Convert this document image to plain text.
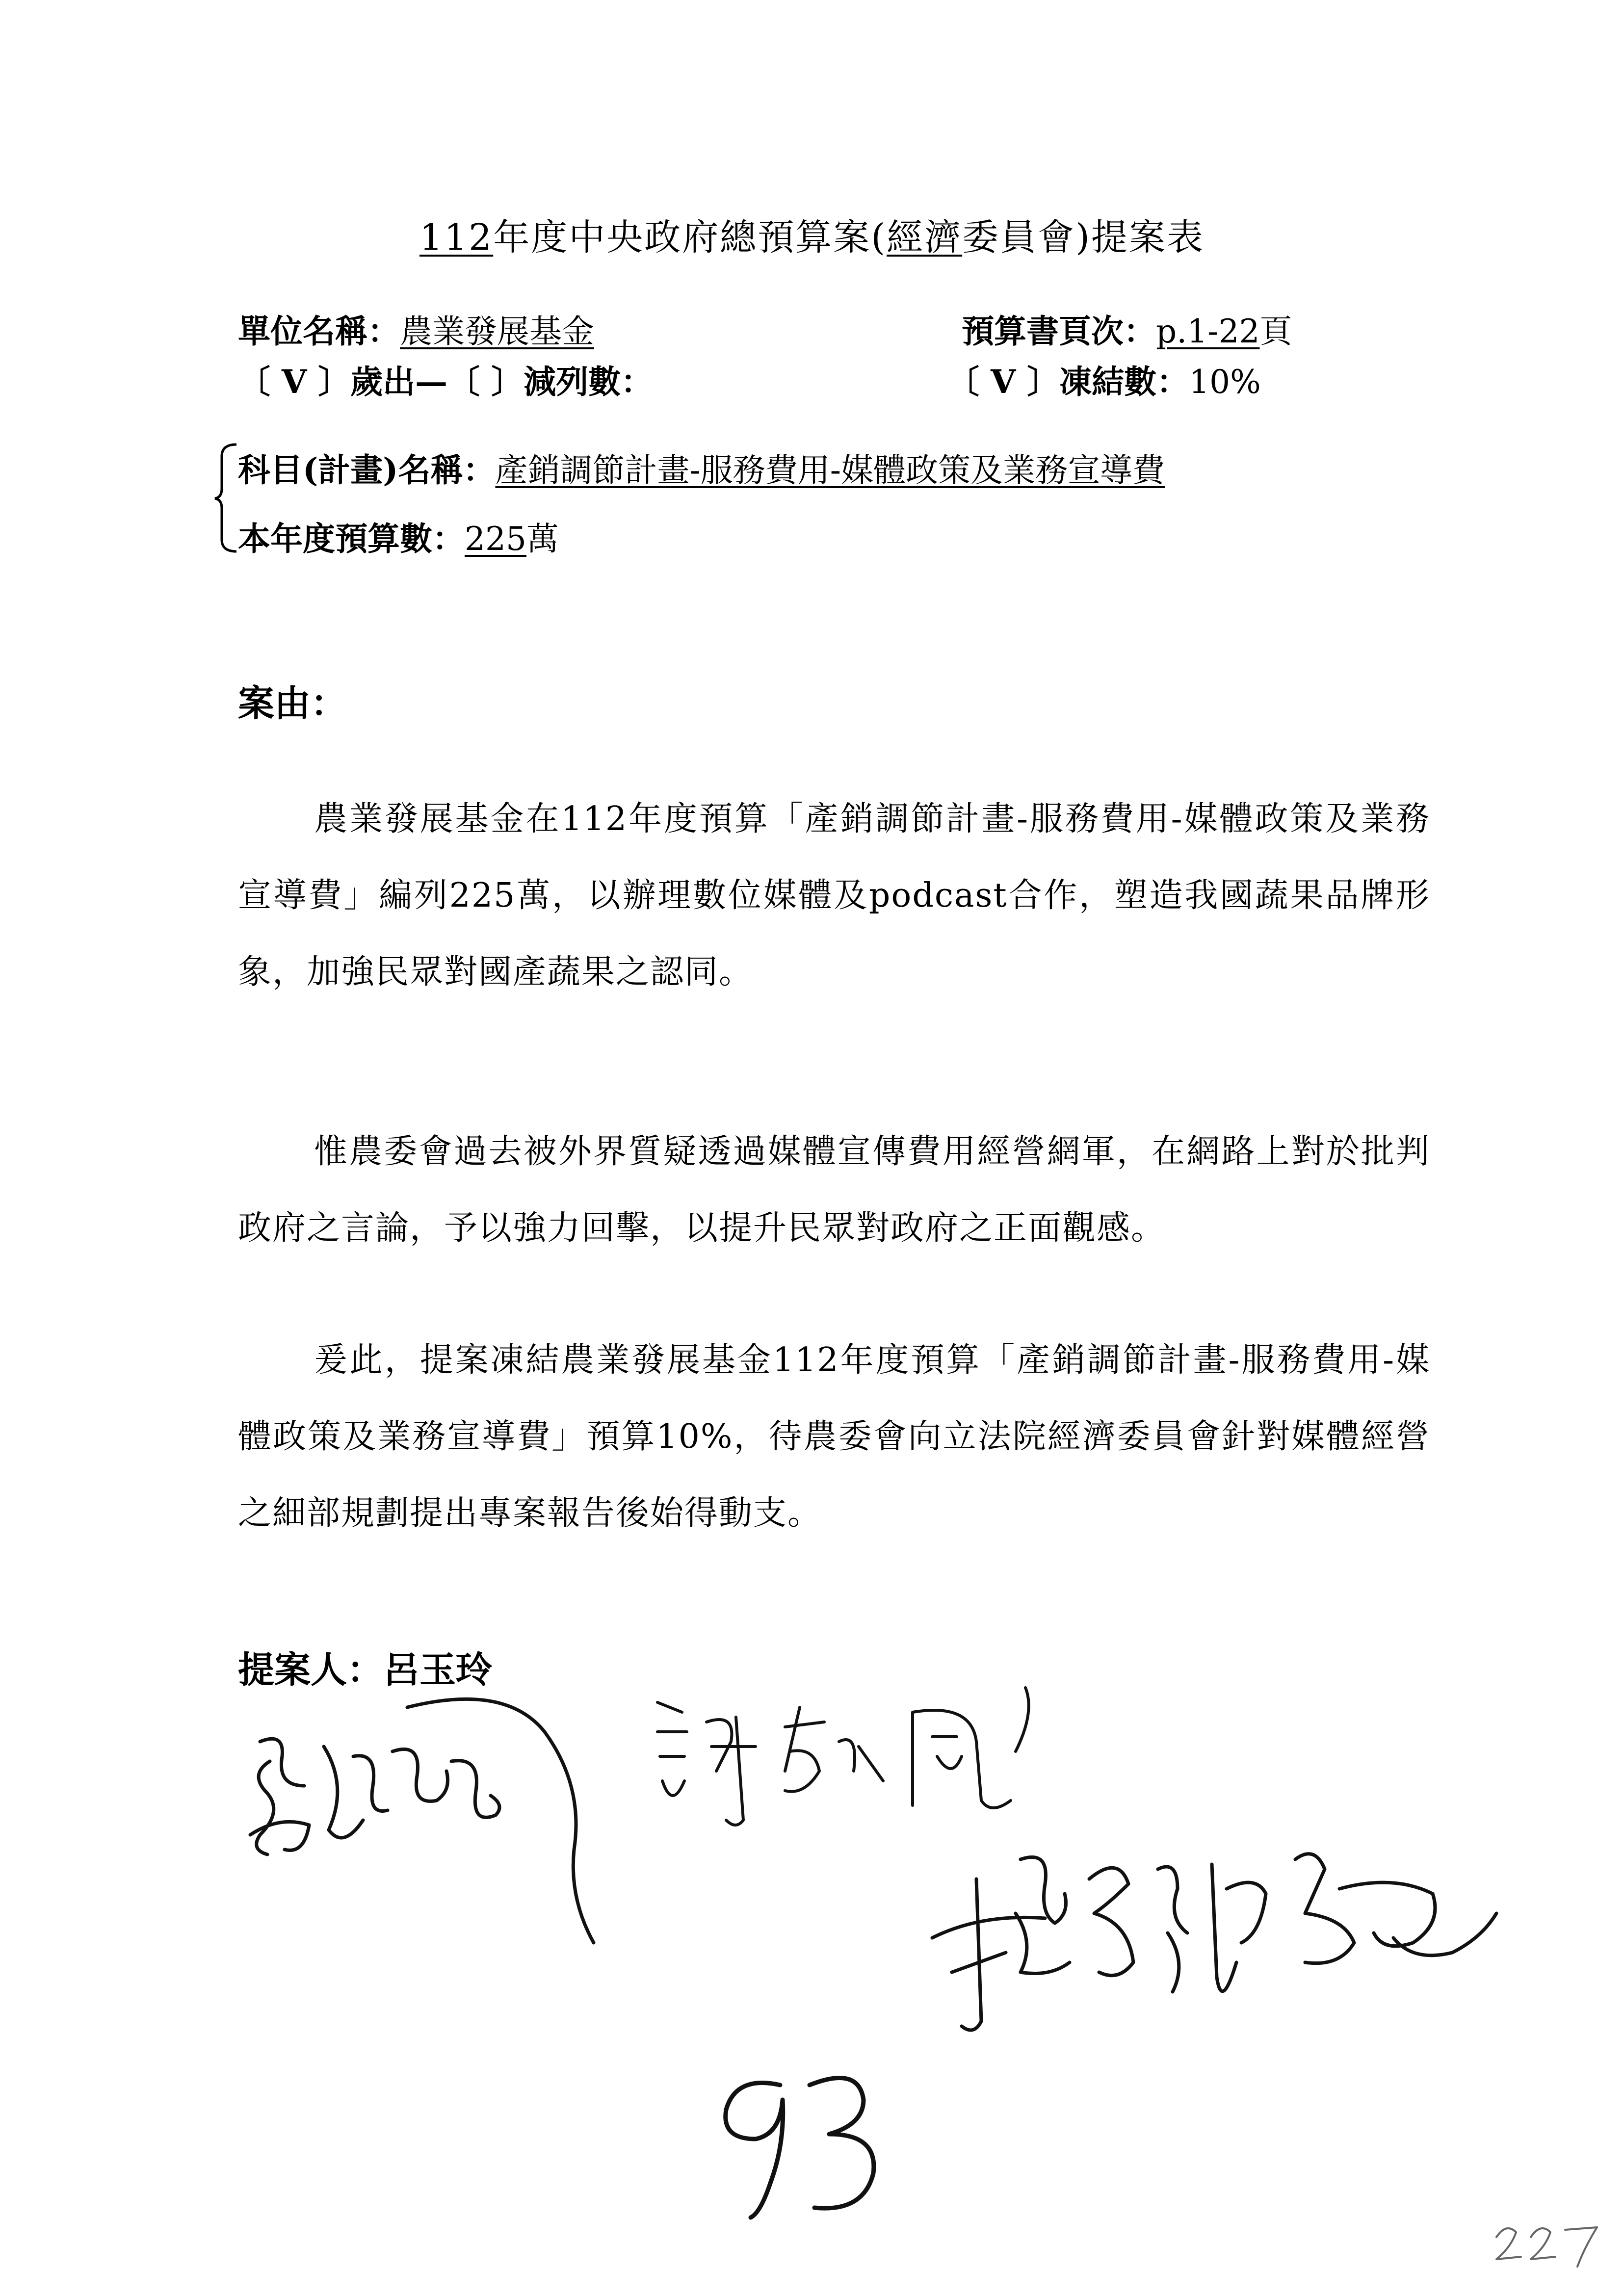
112年度中央政府總預算案(經濟委員會)提案表
單位名稱：農業發展基金	預算書頁次：p.1-22頁
〔 V 〕歲出—〔 〕減列數：	〔 V 〕凍結數：10%
科目(計畫)名稱：產銷調節計畫-服務費用-媒體政策及業務宣導費
本年度預算數：225萬
案由：
農業發展基金在112年度預算「產銷調節計畫-服務費用-媒體政策及業務宣導費」編列225萬，以辦理數位媒體及podcast合作，塑造我國蔬果品牌形象，加強民眾對國產蔬果之認同。
惟農委會過去被外界質疑透過媒體宣傳費用經營網軍，在網路上對於批判政府之言論，予以強力回擊，以提升民眾對政府之正面觀感。
爰此，提案凍結農業發展基金112年度預算「產銷調節計畫-服務費用-媒體政策及業務宣導費」預算10%，待農委會向立法院經濟委員會針對媒體經營之細部規劃提出專案報告後始得動支。
提案人：呂玉玲
